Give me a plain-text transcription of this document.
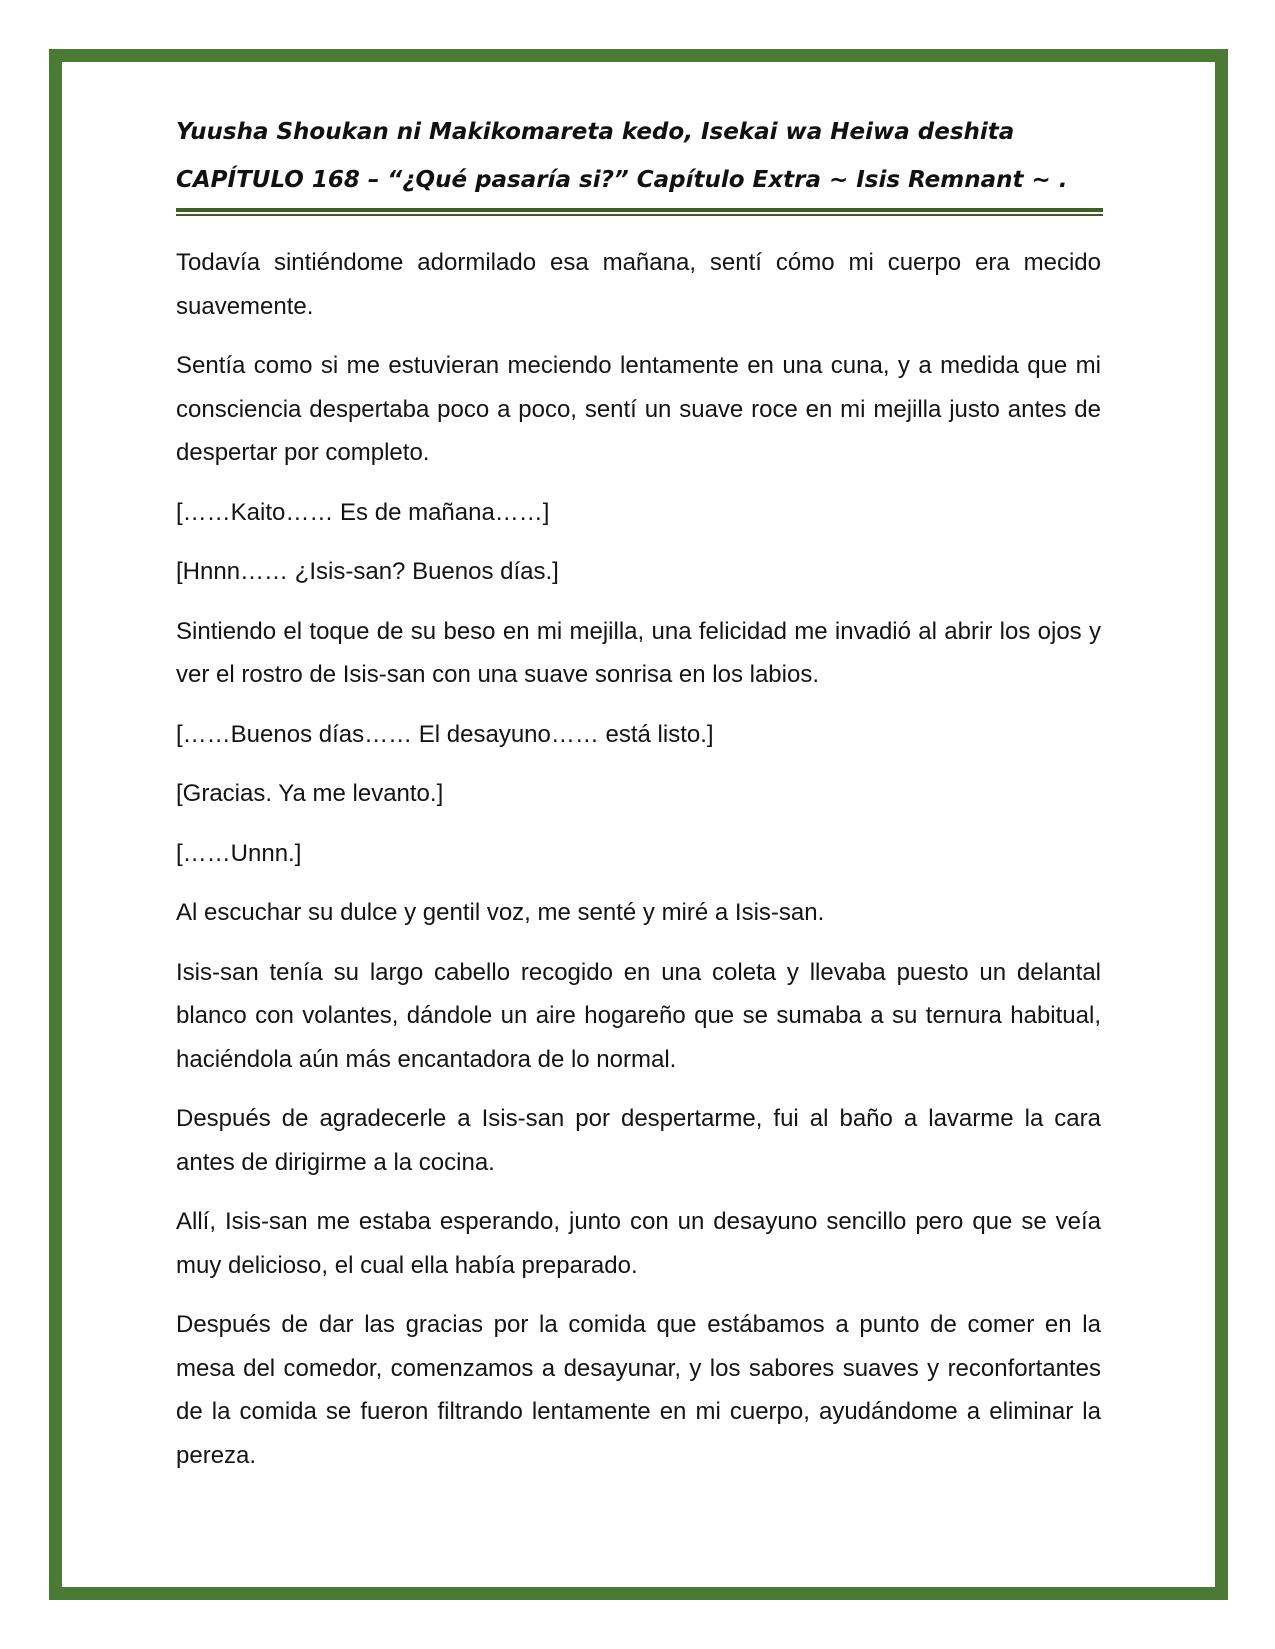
Yuusha Shoukan ni Makikomareta kedo, Isekai wa Heiwa deshita

CAPÍTULO 168 – “¿Qué pasaría si?” Capítulo Extra ~ Isis Remnant ~ .

Todavía sintiéndome adormilado esa mañana, sentí cómo mi cuerpo era mecido suavemente.

Sentía como si me estuvieran meciendo lentamente en una cuna, y a medida que mi consciencia despertaba poco a poco, sentí un suave roce en mi mejilla justo antes de despertar por completo.

[……Kaito…… Es de mañana……]

[Hnnn…… ¿Isis-san? Buenos días.]

Sintiendo el toque de su beso en mi mejilla, una felicidad me invadió al abrir los ojos y ver el rostro de Isis-san con una suave sonrisa en los labios.

[……Buenos días…… El desayuno…… está listo.]

[Gracias. Ya me levanto.]

[……Unnn.]

Al escuchar su dulce y gentil voz, me senté y miré a Isis-san.

Isis-san tenía su largo cabello recogido en una coleta y llevaba puesto un delantal blanco con volantes, dándole un aire hogareño que se sumaba a su ternura habitual, haciéndola aún más encantadora de lo normal.

Después de agradecerle a Isis-san por despertarme, fui al baño a lavarme la cara antes de dirigirme a la cocina.

Allí, Isis-san me estaba esperando, junto con un desayuno sencillo pero que se veía muy delicioso, el cual ella había preparado.

Después de dar las gracias por la comida que estábamos a punto de comer en la mesa del comedor, comenzamos a desayunar, y los sabores suaves y reconfortantes de la comida se fueron filtrando lentamente en mi cuerpo, ayudándome a eliminar la pereza.
